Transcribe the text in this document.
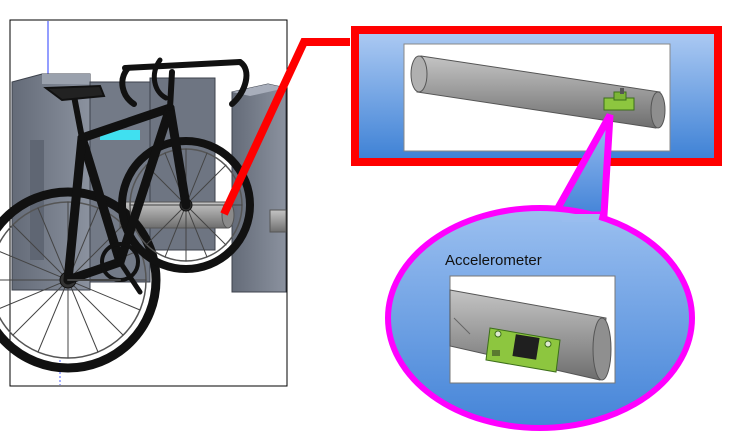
Accelerometer
